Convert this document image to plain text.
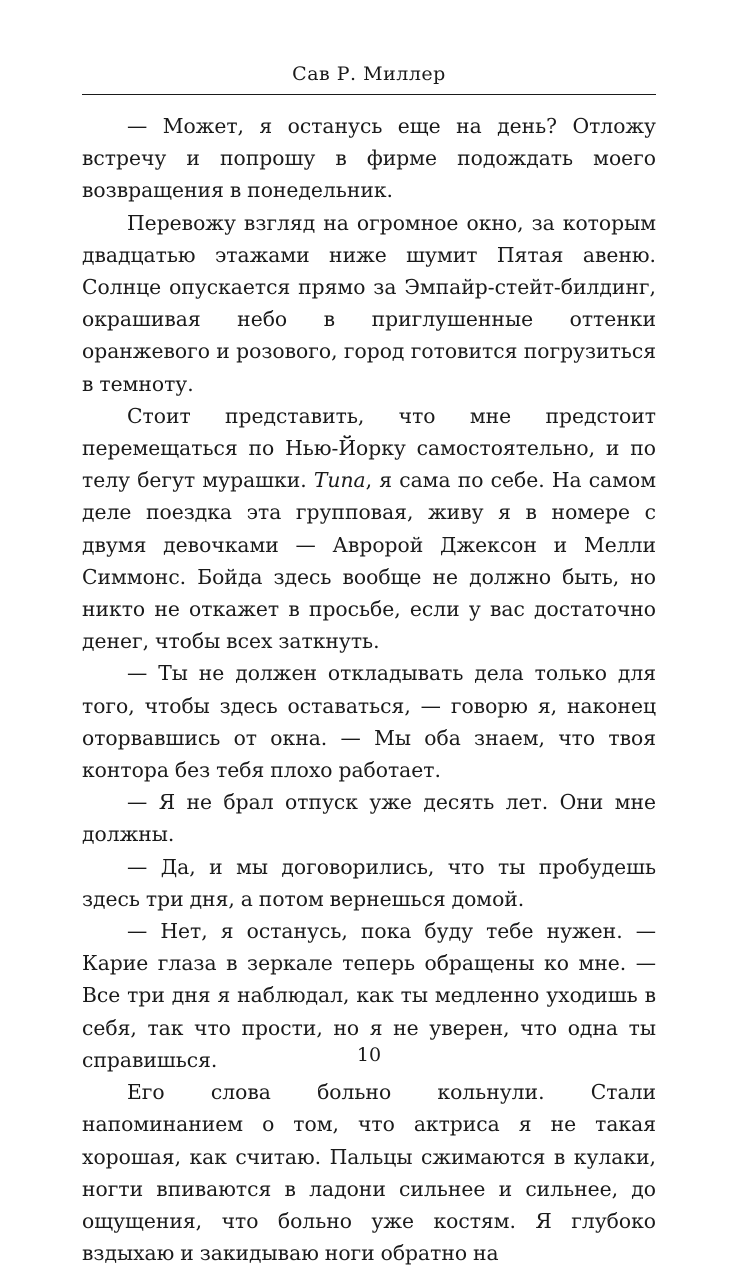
Сав Р. Миллер

— Может, я останусь еще на день? Отложу встречу и попрошу в фирме подождать моего возвращения в понедельник.

Перевожу взгляд на огромное окно, за которым двадцатью этажами ниже шумит Пятая авеню. Солнце опускается прямо за Эмпайр-стейт-билдинг, окрашивая небо в приглушенные оттенки оранжевого и розового, город готовится погрузиться в темноту.

Стоит представить, что мне предстоит перемещаться по Нью-Йорку самостоятельно, и по телу бегут мурашки. Типа, я сама по себе. На самом деле поездка эта групповая, живу я в номере с двумя девочками — Авророй Джексон и Мелли Симмонс. Бойда здесь вообще не должно быть, но никто не откажет в просьбе, если у вас достаточно денег, чтобы всех заткнуть.

— Ты не должен откладывать дела только для того, чтобы здесь оставаться, — говорю я, наконец оторвавшись от окна. — Мы оба знаем, что твоя контора без тебя плохо работает.

— Я не брал отпуск уже десять лет. Они мне должны.

— Да, и мы договорились, что ты пробудешь здесь три дня, а потом вернешься домой.

— Нет, я останусь, пока буду тебе нужен. — Карие глаза в зеркале теперь обращены ко мне. — Все три дня я наблюдал, как ты медленно уходишь в себя, так что прости, но я не уверен, что одна ты справишься.

Его слова больно кольнули. Стали напоминанием о том, что актриса я не такая хорошая, как считаю. Пальцы сжимаются в кулаки, ногти впиваются в ладони сильнее и сильнее, до ощущения, что больно уже костям. Я глубоко вздыхаю и закидываю ноги обратно на

10
